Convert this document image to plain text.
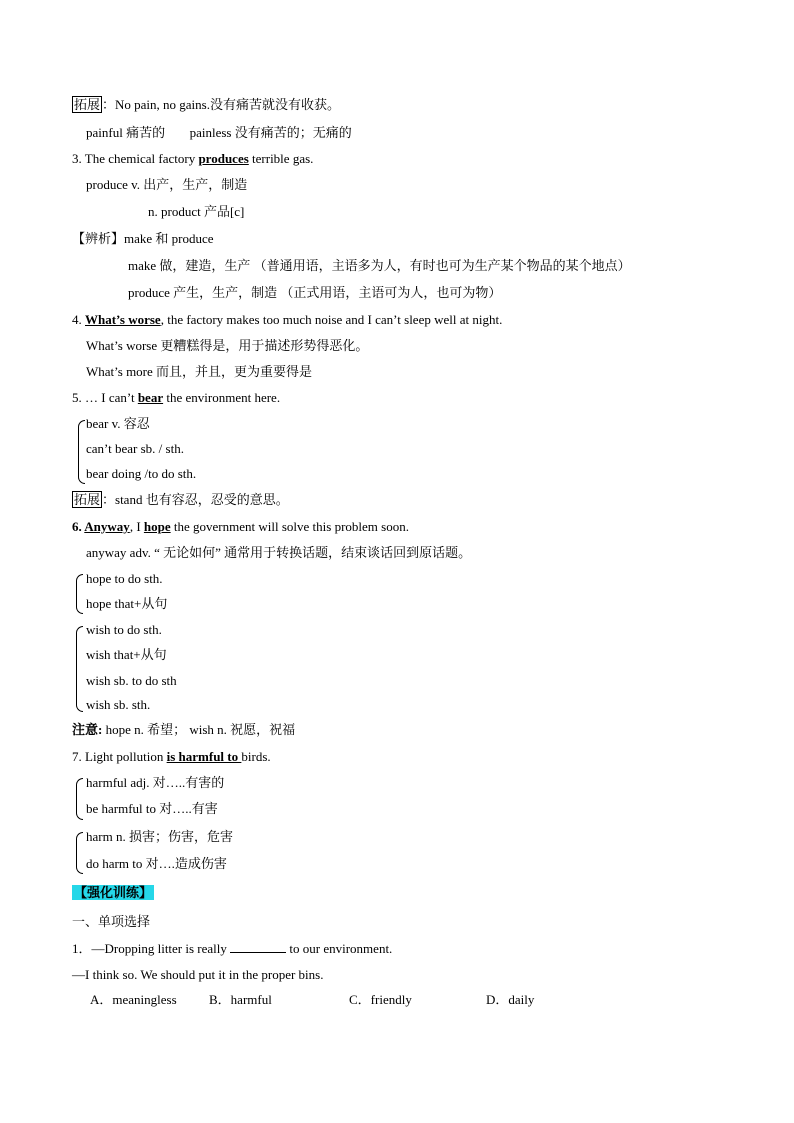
拓展 ：No pain, no gains.没有痛苦就没有收获。
painful 痛苦的 painless 没有痛苦的；无痛的
3. The chemical factory produces terrible gas.
produce v. 出产，生产，制造
n. product 产品[c]
【辨析】make 和 produce
make 做，建造，生产 （普通用语，主语多为人，有时也可为生产某个物品的某个地点）
produce 产生，生产，制造 （正式用语，主语可为人，也可为物）
4. What’s worse, the factory makes too much noise and I can’t sleep well at night.
What’s worse 更糟糕得是，用于描述形势得恶化。
What’s more 而且，并且，更为重要得是
5. … I can’t bear the environment here.
bear v. 容忍
can’t bear sb. / sth.
bear doing /to do sth.
拓展 ：stand 也有容忍，忍受的意思。
6. Anyway, I hope the government will solve this problem soon.
anyway adv. “ 无论如何” 通常用于转换话题，结束谈话回到原话题。
hope to do sth.
hope that+从句
wish to do sth.
wish that+从句
wish sb. to do sth
wish sb. sth.
注意: hope n. 希望； wish n. 祝愿，祝福
7. Light pollution is harmful to birds.
harmful adj. 对…..有害的
be harmful to 对…..有害
harm n. 损害；伤害，危害
do harm to 对….造成伤害
【强化训练】
一、单项选择
1．—Dropping litter is really	to our environment.
—I think so. We should put it in the proper bins.
A．meaningless B．harmful	C．friendly	D．daily
